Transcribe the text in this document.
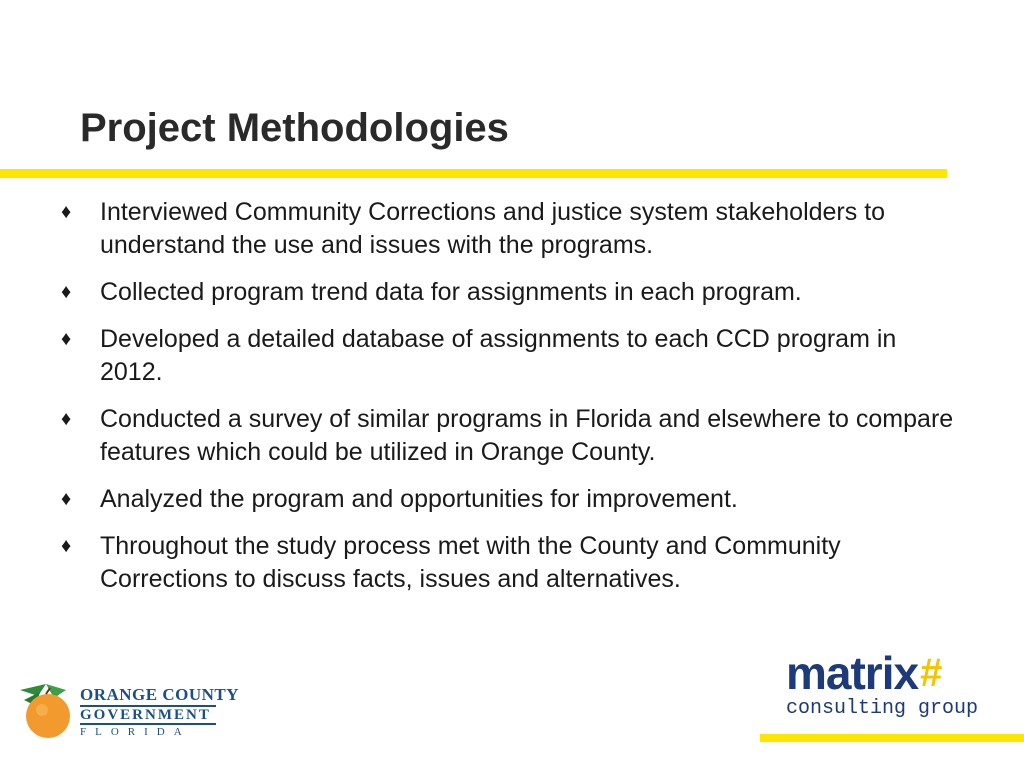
Project Methodologies
♦ Interviewed Community Corrections and justice system stakeholders to understand the use and issues with the programs.
♦ Collected program trend data for assignments in each program.
♦ Developed a detailed database of assignments to each CCD program in 2012.
♦ Conducted a survey of similar programs in Florida and elsewhere to compare features which could be utilized in Orange County.
♦ Analyzed the program and opportunities for improvement.
♦ Throughout the study process met with the County and Community Corrections to discuss facts, issues and alternatives.
ORANGE COUNTY
GOVERNMENT
FLORIDA
matrix#
consulting group
